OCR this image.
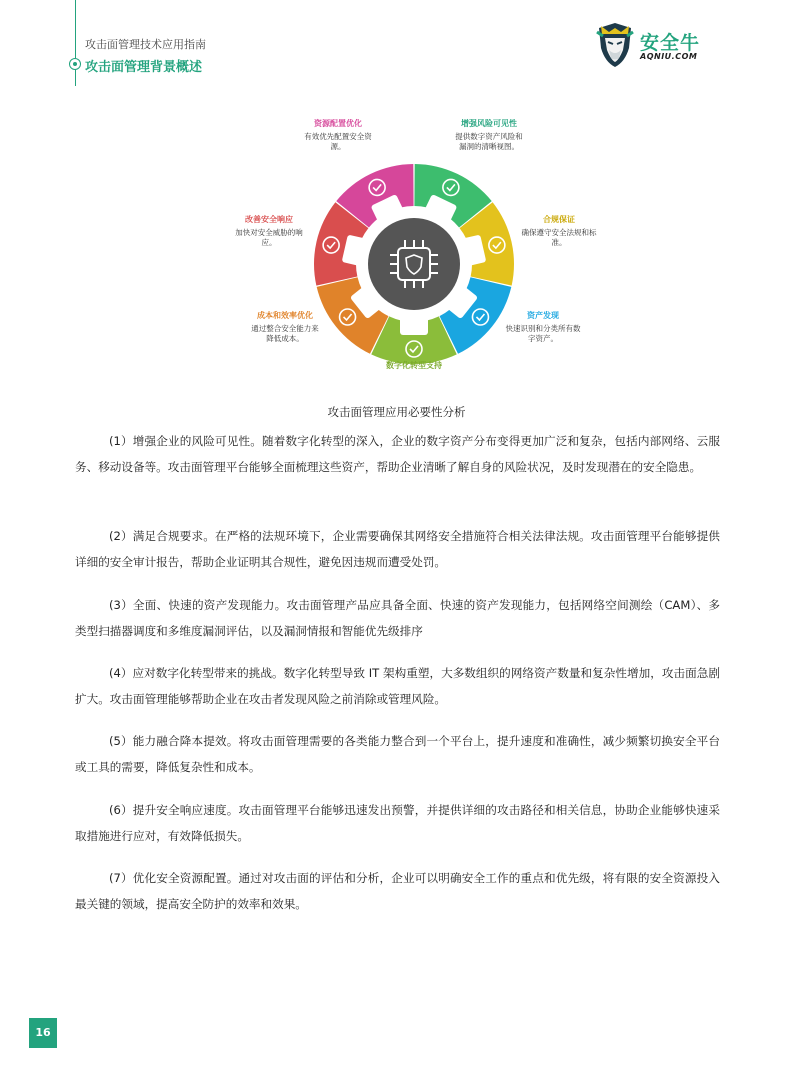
攻击面管理技术应用指南
攻击面管理背景概述
安全牛
AQNIU.COM
资源配置优化
有效优先配置安全资源。
增强风险可见性
提供数字资产风险和漏洞的清晰视图。
合规保证
确保遵守安全法规和标准。
资产发现
快速识别和分类所有数字资产。
数字化转型支持
成本和效率优化
通过整合安全能力来降低成本。
改善安全响应
加快对安全威胁的响应。
攻击面管理应用必要性分析

(1）增强企业的风险可见性。随着数字化转型的深入，企业的数字资产分布变得更加广泛和复杂，包括内部网络、云服务、移动设备等。攻击面管理平台能够全面梳理这些资产，帮助企业清晰了解自身的风险状况，及时发现潜在的安全隐患。

(2）满足合规要求。在严格的法规环境下，企业需要确保其网络安全措施符合相关法律法规。攻击面管理平台能够提供详细的安全审计报告，帮助企业证明其合规性，避免因违规而遭受处罚。

(3）全面、快速的资产发现能力。攻击面管理产品应具备全面、快速的资产发现能力，包括网络空间测绘（CAM）、多类型扫描器调度和多维度漏洞评估，以及漏洞情报和智能优先级排序

(4）应对数字化转型带来的挑战。数字化转型导致 IT 架构重塑，大多数组织的网络资产数量和复杂性增加，攻击面急剧扩大。攻击面管理能够帮助企业在攻击者发现风险之前消除或管理风险。

(5）能力融合降本提效。将攻击面管理需要的各类能力整合到一个平台上，提升速度和准确性，减少频繁切换安全平台或工具的需要，降低复杂性和成本。

(6）提升安全响应速度。攻击面管理平台能够迅速发出预警，并提供详细的攻击路径和相关信息，协助企业能够快速采取措施进行应对，有效降低损失。

(7）优化安全资源配置。通过对攻击面的评估和分析，企业可以明确安全工作的重点和优先级，将有限的安全资源投入最关键的领域，提高安全防护的效率和效果。

16
